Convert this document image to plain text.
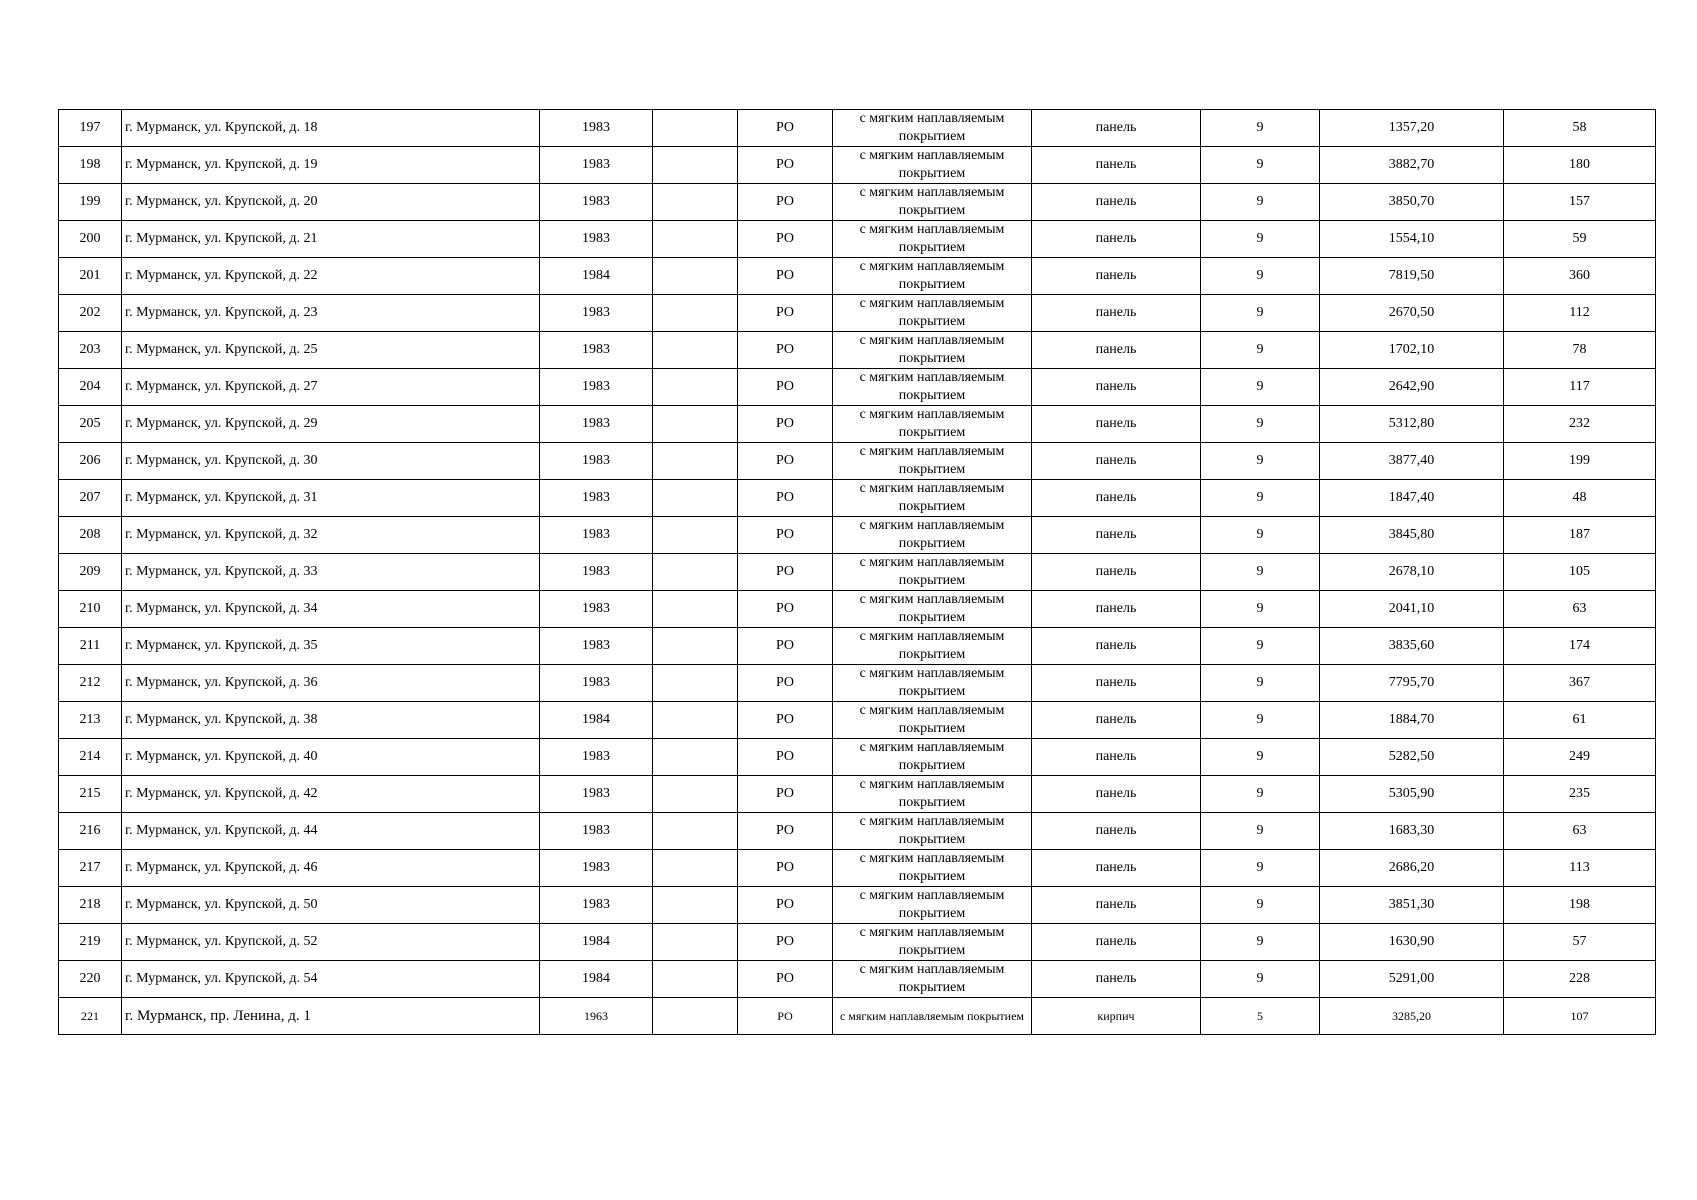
197	г. Мурманск, ул. Крупской, д. 18	1983		РО	с мягким наплавляемым покрытием	панель	9	1357,20	58
198	г. Мурманск, ул. Крупской, д. 19	1983		РО	с мягким наплавляемым покрытием	панель	9	3882,70	180
199	г. Мурманск, ул. Крупской, д. 20	1983		РО	с мягким наплавляемым покрытием	панель	9	3850,70	157
200	г. Мурманск, ул. Крупской, д. 21	1983		РО	с мягким наплавляемым покрытием	панель	9	1554,10	59
201	г. Мурманск, ул. Крупской, д. 22	1984		РО	с мягким наплавляемым покрытием	панель	9	7819,50	360
202	г. Мурманск, ул. Крупской, д. 23	1983		РО	с мягким наплавляемым покрытием	панель	9	2670,50	112
203	г. Мурманск, ул. Крупской, д. 25	1983		РО	с мягким наплавляемым покрытием	панель	9	1702,10	78
204	г. Мурманск, ул. Крупской, д. 27	1983		РО	с мягким наплавляемым покрытием	панель	9	2642,90	117
205	г. Мурманск, ул. Крупской, д. 29	1983		РО	с мягким наплавляемым покрытием	панель	9	5312,80	232
206	г. Мурманск, ул. Крупской, д. 30	1983		РО	с мягким наплавляемым покрытием	панель	9	3877,40	199
207	г. Мурманск, ул. Крупской, д. 31	1983		РО	с мягким наплавляемым покрытием	панель	9	1847,40	48
208	г. Мурманск, ул. Крупской, д. 32	1983		РО	с мягким наплавляемым покрытием	панель	9	3845,80	187
209	г. Мурманск, ул. Крупской, д. 33	1983		РО	с мягким наплавляемым покрытием	панель	9	2678,10	105
210	г. Мурманск, ул. Крупской, д. 34	1983		РО	с мягким наплавляемым покрытием	панель	9	2041,10	63
211	г. Мурманск, ул. Крупской, д. 35	1983		РО	с мягким наплавляемым покрытием	панель	9	3835,60	174
212	г. Мурманск, ул. Крупской, д. 36	1983		РО	с мягким наплавляемым покрытием	панель	9	7795,70	367
213	г. Мурманск, ул. Крупской, д. 38	1984		РО	с мягким наплавляемым покрытием	панель	9	1884,70	61
214	г. Мурманск, ул. Крупской, д. 40	1983		РО	с мягким наплавляемым покрытием	панель	9	5282,50	249
215	г. Мурманск, ул. Крупской, д. 42	1983		РО	с мягким наплавляемым покрытием	панель	9	5305,90	235
216	г. Мурманск, ул. Крупской, д. 44	1983		РО	с мягким наплавляемым покрытием	панель	9	1683,30	63
217	г. Мурманск, ул. Крупской, д. 46	1983		РО	с мягким наплавляемым покрытием	панель	9	2686,20	113
218	г. Мурманск, ул. Крупской, д. 50	1983		РО	с мягким наплавляемым покрытием	панель	9	3851,30	198
219	г. Мурманск, ул. Крупской, д. 52	1984		РО	с мягким наплавляемым покрытием	панель	9	1630,90	57
220	г. Мурманск, ул. Крупской, д. 54	1984		РО	с мягким наплавляемым покрытием	панель	9	5291,00	228
221	г. Мурманск, пр. Ленина, д. 1	1963		РО	с мягким наплавляемым покрытием	кирпич	5	3285,20	107
